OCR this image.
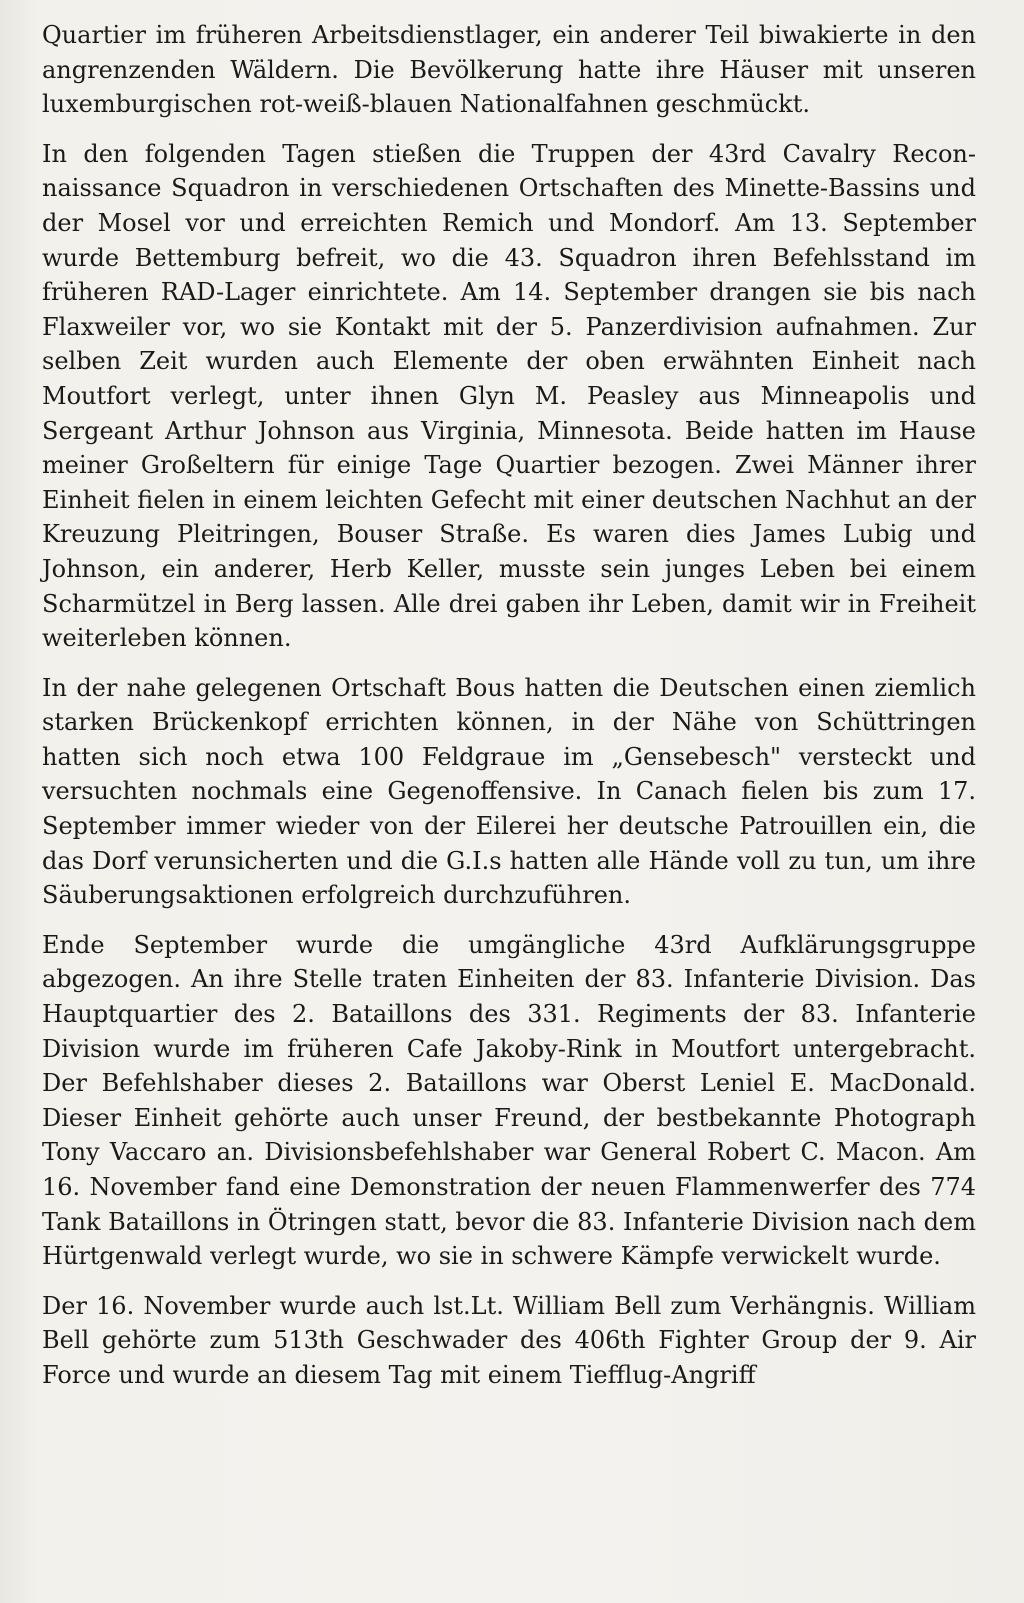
Quartier im früheren Arbeitsdienstlager, ein anderer Teil biwakierte in den angrenzenden Wäldern. Die Bevölkerung hatte ihre Häuser mit unseren luxemburgischen rot-weiß-blauen Nationalfahnen geschmückt.

In den folgenden Tagen stießen die Truppen der 43rd Cavalry Reconnaissance Squadron in verschiedenen Ortschaften des Minette-Bassins und der Mosel vor und erreichten Remich und Mondorf. Am 13. September wurde Bettemburg befreit, wo die 43. Squadron ihren Befehlsstand im früheren RAD-Lager einrichtete. Am 14. September drangen sie bis nach Flaxweiler vor, wo sie Kontakt mit der 5. Panzerdivision aufnahmen. Zur selben Zeit wurden auch Elemente der oben erwähnten Einheit nach Moutfort verlegt, unter ihnen Glyn M. Peasley aus Minneapolis und Sergeant Arthur Johnson aus Virginia, Minnesota. Beide hatten im Hause meiner Großeltern für einige Tage Quartier bezogen. Zwei Männer ihrer Einheit fielen in einem leichten Gefecht mit einer deutschen Nachhut an der Kreuzung Pleitringen, Bouser Straße. Es waren dies James Lubig und Johnson, ein anderer, Herb Keller, musste sein junges Leben bei einem Scharmützel in Berg lassen. Alle drei gaben ihr Leben, damit wir in Freiheit weiterleben können.

In der nahe gelegenen Ortschaft Bous hatten die Deutschen einen ziemlich starken Brückenkopf errichten können, in der Nähe von Schüttringen hatten sich noch etwa 100 Feldgraue im „Gensebesch" versteckt und versuchten nochmals eine Gegenoffensive. In Canach fielen bis zum 17. September immer wieder von der Eilerei her deutsche Patrouillen ein, die das Dorf verunsicherten und die G.I.s hatten alle Hände voll zu tun, um ihre Säuberungsaktionen erfolgreich durchzuführen.

Ende September wurde die umgängliche 43rd Aufklärungsgruppe abgezogen. An ihre Stelle traten Einheiten der 83. Infanterie Division. Das Hauptquartier des 2. Bataillons des 331. Regiments der 83. Infanterie Division wurde im früheren Cafe Jakoby-Rink in Moutfort untergebracht. Der Befehlshaber dieses 2. Bataillons war Oberst Leniel E. MacDonald. Dieser Einheit gehörte auch unser Freund, der bestbekannte Photograph Tony Vaccaro an. Divisionsbefehlshaber war General Robert C. Macon. Am 16. November fand eine Demonstration der neuen Flammenwerfer des 774 Tank Bataillons in Ötringen statt, bevor die 83. Infanterie Division nach dem Hürtgenwald verlegt wurde, wo sie in schwere Kämpfe verwickelt wurde.

Der 16. November wurde auch lst.Lt. William Bell zum Verhängnis. William Bell gehörte zum 513th Geschwader des 406th Fighter Group der 9. Air Force und wurde an diesem Tag mit einem Tiefflug-Angriff
